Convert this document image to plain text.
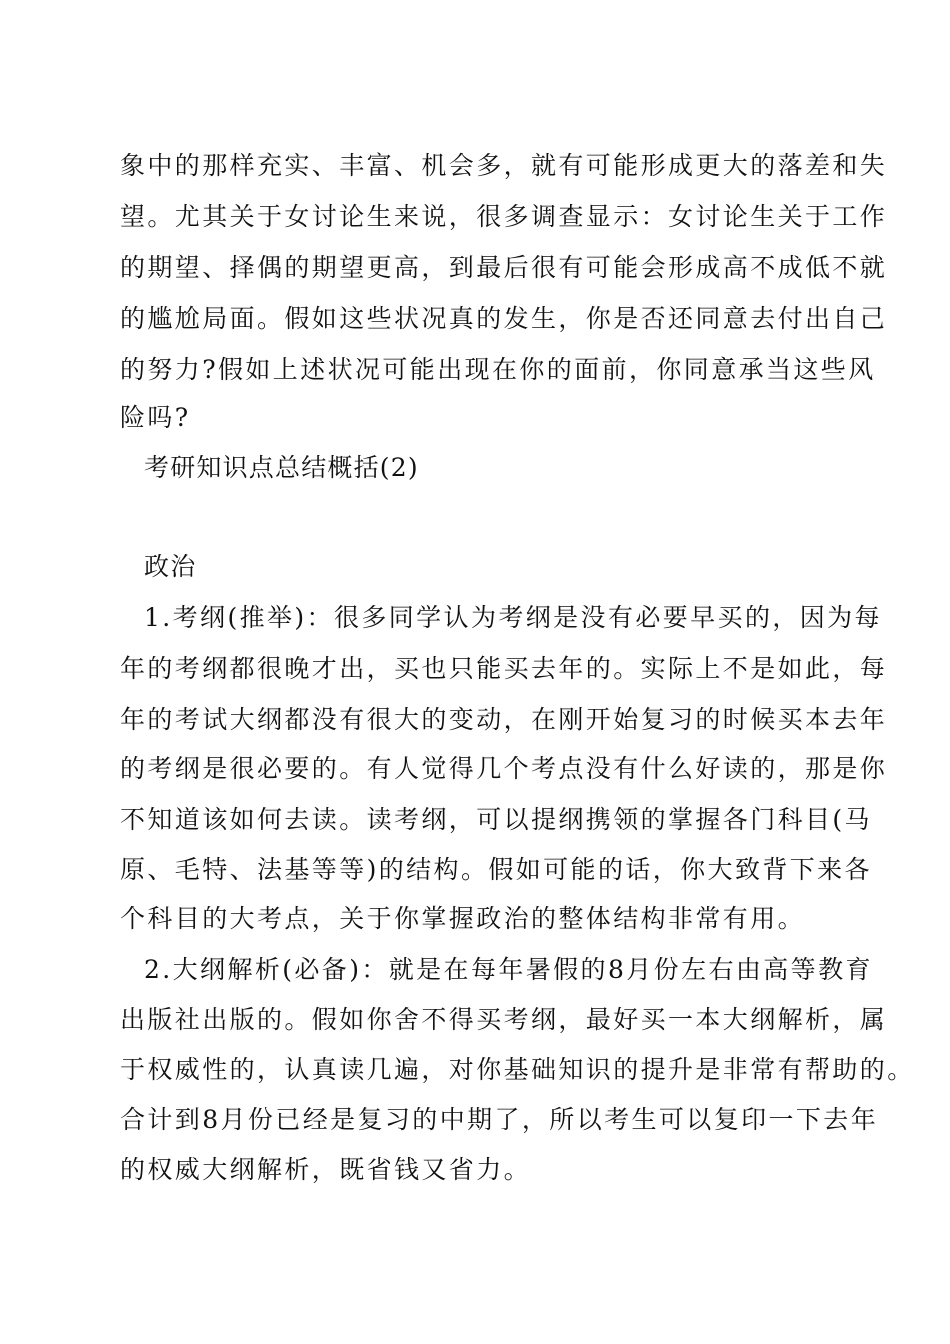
象中的那样充实、丰富、机会多，就有可能形成更大的落差和失
望。尤其关于女讨论生来说，很多调查显示：女讨论生关于工作
的期望、择偶的期望更高，到最后很有可能会形成高不成低不就
的尴尬局面。假如这些状况真的发生，你是否还同意去付出自己
的努力?假如上述状况可能出现在你的面前，你同意承当这些风
险吗?
考研知识点总结概括(2)
政治
1.考纲(推举)：很多同学认为考纲是没有必要早买的，因为每
年的考纲都很晚才出，买也只能买去年的。实际上不是如此，每
年的考试大纲都没有很大的变动，在刚开始复习的时候买本去年
的考纲是很必要的。有人觉得几个考点没有什么好读的，那是你
不知道该如何去读。读考纲，可以提纲携领的掌握各门科目(马
原、毛特、法基等等)的结构。假如可能的话，你大致背下来各
个科目的大考点，关于你掌握政治的整体结构非常有用。
2.大纲解析(必备)：就是在每年暑假的8月份左右由高等教育
出版社出版的。假如你舍不得买考纲，最好买一本大纲解析，属
于权威性的，认真读几遍，对你基础知识的提升是非常有帮助的。
合计到8月份已经是复习的中期了，所以考生可以复印一下去年
的权威大纲解析，既省钱又省力。
